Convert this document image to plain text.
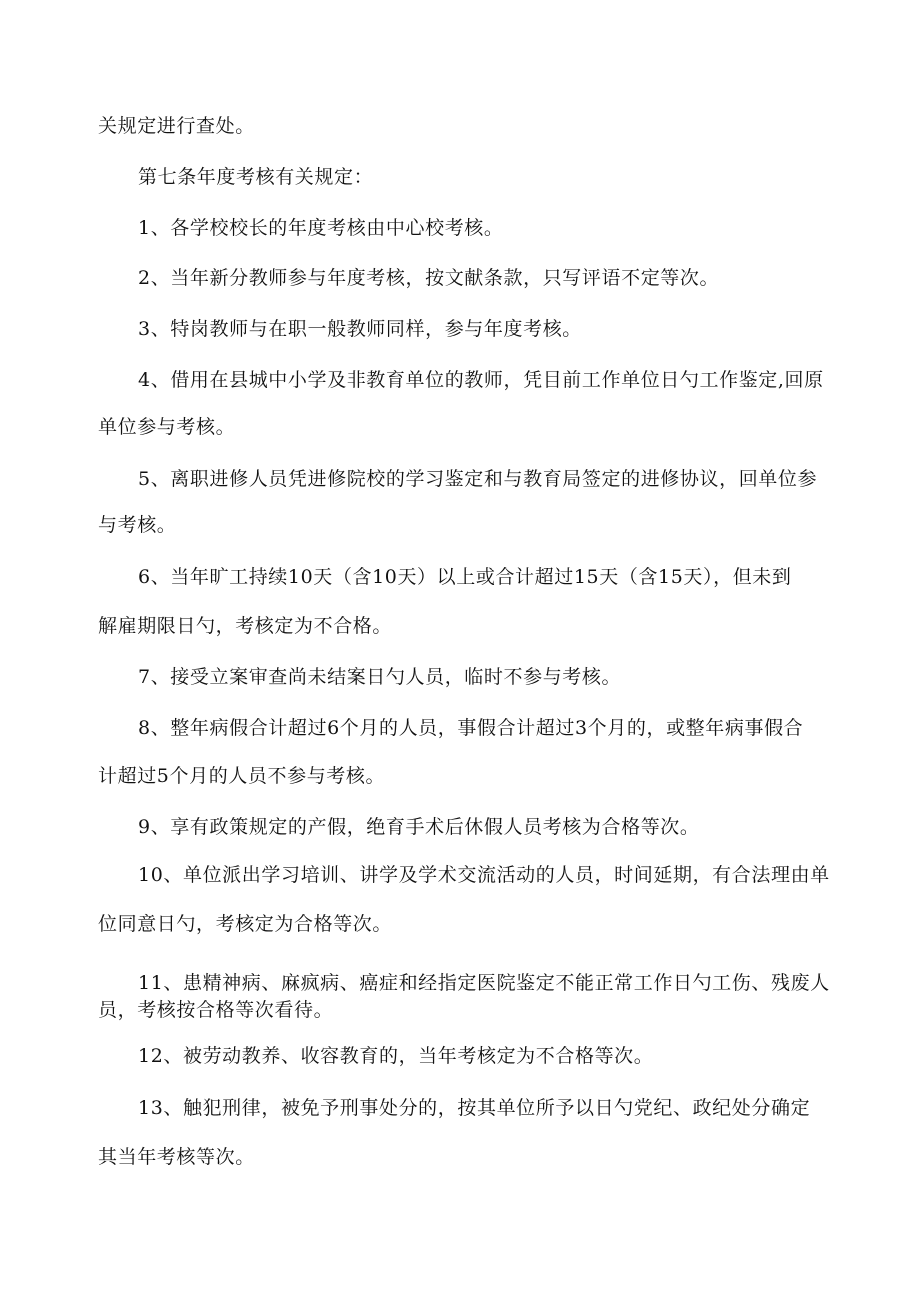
关规定进行查处。
第七条年度考核有关规定：
1、各学校校长的年度考核由中心校考核。
2、当年新分教师参与年度考核，按文献条款，只写评语不定等次。
3、特岗教师与在职一般教师同样，参与年度考核。
4、借用在县城中小学及非教育单位的教师，凭目前工作单位日勺工作鉴定,回原
单位参与考核。
5、离职进修人员凭进修院校的学习鉴定和与教育局签定的进修协议，回单位参
与考核。
6、当年旷工持续10天（含10天）以上或合计超过15天（含15天），但未到
解雇期限日勺，考核定为不合格。
7、接受立案审查尚未结案日勺人员，临时不参与考核。
8、整年病假合计超过6个月的人员，事假合计超过3个月的，或整年病事假合
计超过5个月的人员不参与考核。
9、享有政策规定的产假，绝育手术后休假人员考核为合格等次。
10、单位派出学习培训、讲学及学术交流活动的人员，时间延期，有合法理由单
位同意日勺，考核定为合格等次。
11、患精神病、麻疯病、癌症和经指定医院鉴定不能正常工作日勺工伤、残废人
员，考核按合格等次看待。
12、被劳动教养、收容教育的，当年考核定为不合格等次。
13、触犯刑律，被免予刑事处分的，按其单位所予以日勺党纪、政纪处分确定
其当年考核等次。
